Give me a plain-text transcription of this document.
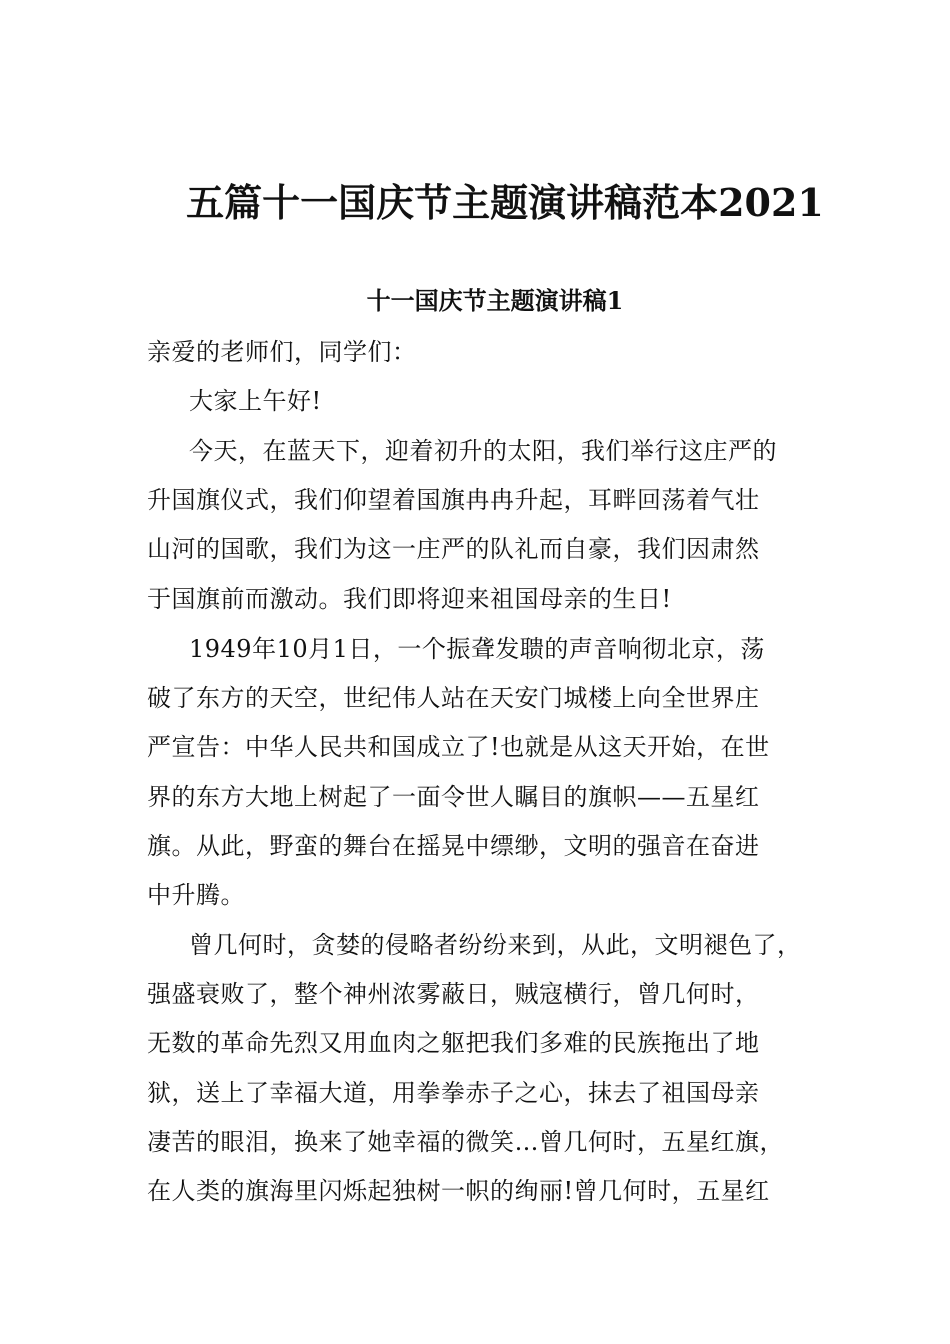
五篇十一国庆节主题演讲稿范本2021
十一国庆节主题演讲稿1
亲爱的老师们，同学们：
大家上午好!
今天，在蓝天下，迎着初升的太阳，我们举行这庄严的
升国旗仪式，我们仰望着国旗冉冉升起，耳畔回荡着气壮
山河的国歌，我们为这一庄严的队礼而自豪，我们因肃然
于国旗前而激动。我们即将迎来祖国母亲的生日!
1949年10月1日，一个振聋发聩的声音响彻北京，荡
破了东方的天空，世纪伟人站在天安门城楼上向全世界庄
严宣告：中华人民共和国成立了!也就是从这天开始，在世
界的东方大地上树起了一面令世人瞩目的旗帜——五星红
旗。从此，野蛮的舞台在摇晃中缥缈，文明的强音在奋进
中升腾。
曾几何时，贪婪的侵略者纷纷来到，从此，文明褪色了，
强盛衰败了，整个神州浓雾蔽日，贼寇横行，曾几何时，
无数的革命先烈又用血肉之躯把我们多难的民族拖出了地
狱，送上了幸福大道，用拳拳赤子之心，抹去了祖国母亲
凄苦的眼泪，换来了她幸福的微笑…曾几何时，五星红旗，
在人类的旗海里闪烁起独树一帜的绚丽!曾几何时，五星红
